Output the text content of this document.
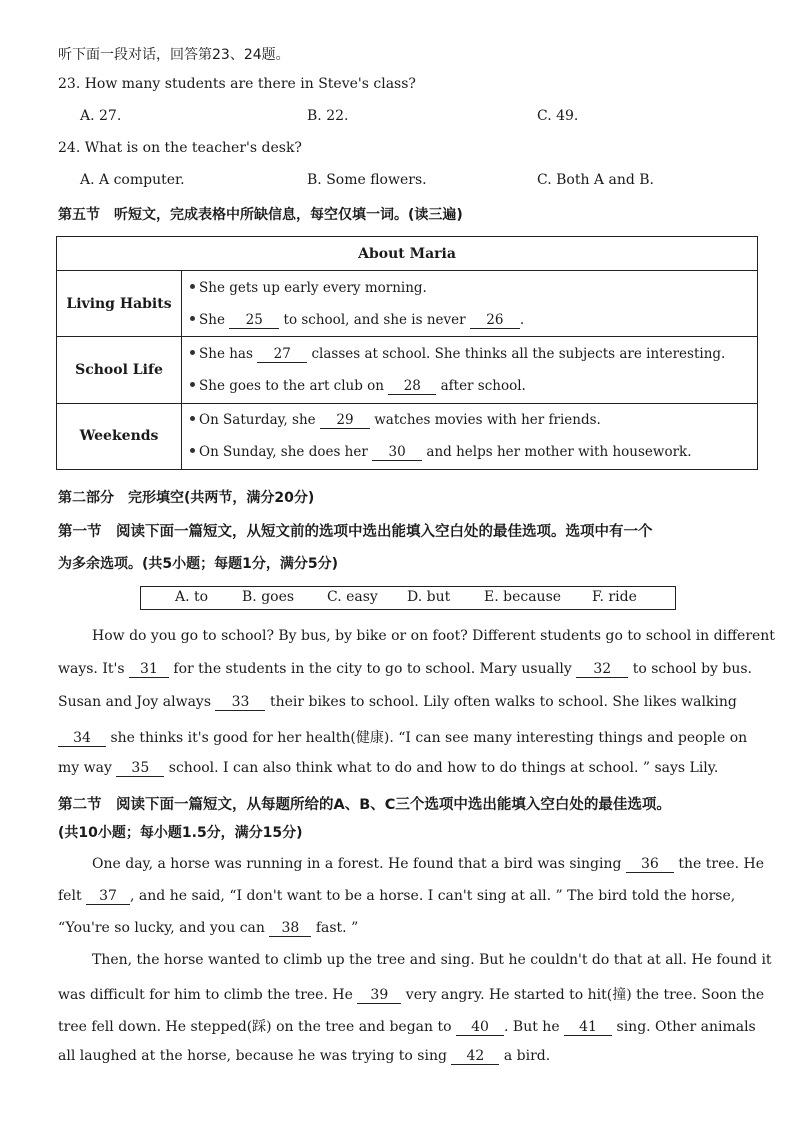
听下面一段对话，回答第23、24题。
23. How many students are there in Steve's class?
A. 27.	B. 22.	C. 49.
24. What is on the teacher's desk?
A. A computer.	B. Some flowers.	C. Both A and B.
第五节　听短文，完成表格中所缺信息，每空仅填一词。(读三遍)
About Maria	
Living Habits	She gets up early every morning.
She 25 to school, and she is never 26 .

School Life	She has 27 classes at school. She thinks all the subjects are interesting.
She goes to the art club on 28 after school.

Weekends	On Saturday, she 29 watches movies with her friends.
On Sunday, she does her 30 and helps her mother with housework.
第二部分　完形填空(共两节，满分20分)
第一节　阅读下面一篇短文，从短文前的选项中选出能填入空白处的最佳选项。选项中有一个
为多余选项。(共5小题；每题1分，满分5分)
A. to B. goes C. easy D. but E. because F. ride
How do you go to school? By bus, by bike or on foot? Different students go to school in different
ways. It's 31 for the students in the city to go to school. Mary usually 32 to school by bus.
Susan and Joy always 33 their bikes to school. Lily often walks to school. She likes walking
34 she thinks it's good for her health(健康). “I can see many interesting things and people on
my way 35 school. I can also think what to do and how to do things at school. ” says Lily.
第二节　阅读下面一篇短文，从每题所给的A、B、C三个选项中选出能填入空白处的最佳选项。
(共10小题；每小题1.5分，满分15分)
One day, a horse was running in a forest. He found that a bird was singing 36 the tree. He
felt 37 , and he said, “I don't want to be a horse. I can't sing at all. ” The bird told the horse,
“You're so lucky, and you can 38 fast. ”
Then, the horse wanted to climb up the tree and sing. But he couldn't do that at all. He found it
was difficult for him to climb the tree. He 39 very angry. He started to hit(撞) the tree. Soon the
tree fell down. He stepped(踩) on the tree and began to 40 . But he 41 sing. Other animals
all laughed at the horse, because he was trying to sing 42 a bird.
